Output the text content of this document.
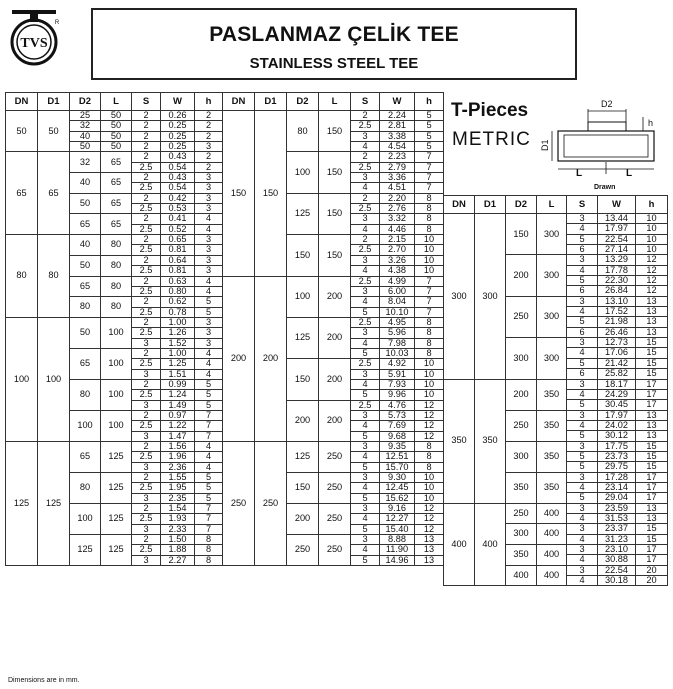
TVS
R	PASLANMAZ ÇELİK TEE
STAINLESS STEEL TEE
DN	D1	D2	L	S	W	h
50	50	25	50	2	0.26	2
		32	50	2	0.25	2
		40	50	2	0.25	2
		50	50	2	0.25	3
65	65	32	65	2	0.43	2
				2.5	0.54	2
		40	65	2	0.43	3
				2.5	0.54	3
		50	65	2	0.42	3
				2.5	0.53	3
		65	65	2	0.41	4
				2.5	0.52	4
80	80	40	80	2	0.65	3
				2.5	0.81	3
		50	80	2	0.64	3
				2.5	0.81	3
		65	80	2	0.63	4
				2.5	0.80	4
		80	80	2	0.62	5
				2.5	0.78	5
100	100	50	100	2	1.00	3
				2.5	1.26	3
				3	1.52	3
		65	100	2	1.00	4
				2.5	1.25	4
				3	1.51	4
		80	100	2	0.99	5
				2.5	1.24	5
				3	1.49	5
		100	100	2	0.97	7
				2.5	1.22	7
				3	1.47	7
125	125	65	125	2	1.56	4
				2.5	1.96	4
				3	2.36	4
		80	125	2	1.55	5
				2.5	1.95	5
				3	2.35	5
		100	125	2	1.54	7
				2.5	1.93	7
				3	2.33	7
		125	125	2	1.50	8
				2.5	1.88	8
				3	2.27	8
DN	D1	D2	L	S	W	h
150	150	80	150	2	2.24	5
				2.5	2.81	5
				3	3.38	5
				4	4.54	5
		100	150	2	2.23	7
				2.5	2.79	7
				3	3.36	7
				4	4.51	7
		125	150	2	2.20	8
				2.5	2.76	8
				3	3.32	8
				4	4.46	8
		150	150	2	2.15	10
				2.5	2.70	10
				3	3.26	10
				4	4.38	10
200	200	100	200	2.5	4.99	7
				3	6.00	7
				4	8.04	7
				5	10.10	7
		125	200	2.5	4.95	8
				3	5.96	8
				4	7.98	8
				5	10.03	8
		150	200	2.5	4.92	10
				3	5.91	10
				4	7.93	10
				5	9.96	10
		200	200	2.5	4.76	12
				3	5.73	12
				4	7.69	12
				5	9.68	12
250	250	125	250	3	9.35	8
				4	12.51	8
				5	15.70	8
		150	250	3	9.30	10
				4	12.45	10
				5	15.62	10
		200	250	3	9.16	12
				4	12.27	12
				5	15.40	12
		250	250	3	8.88	13
				4	11.90	13
				5	14.96	13
T-Pieces
METRIC
D2
h
D1
L	L
Drawn
DN	D1	D2	L	S	W	h
300	300	150	300	3	13.44	10
				4	17.97	10
				5	22.54	10
				6	27.14	10
		200	300	3	13.29	12
				4	17.78	12
				5	22.30	12
				6	26.84	12
		250	300	3	13.10	13
				4	17.52	13
				5	21.98	13
				6	26.46	13
		300	300	3	12.73	15
				4	17.06	15
				5	21.42	15
				6	25.82	15
350	350	200	350	3	18.17	17
				4	24.29	17
				5	30.45	17
		250	350	3	17.97	13
				4	24.02	13
				5	30.12	13
		300	350	3	17.75	15
				5	23.73	15
				5	29.75	15
		350	350	3	17.28	17
				4	23.14	17
				5	29.04	17
400	400	250	400	3	23.59	13
				4	31.53	13
		300	400	3	23.37	15
				4	31.23	15
		350	400	3	23.10	17
				4	30.88	17
		400	400	3	22.54	20
				4	30.18	20
Dimensions are in mm.
